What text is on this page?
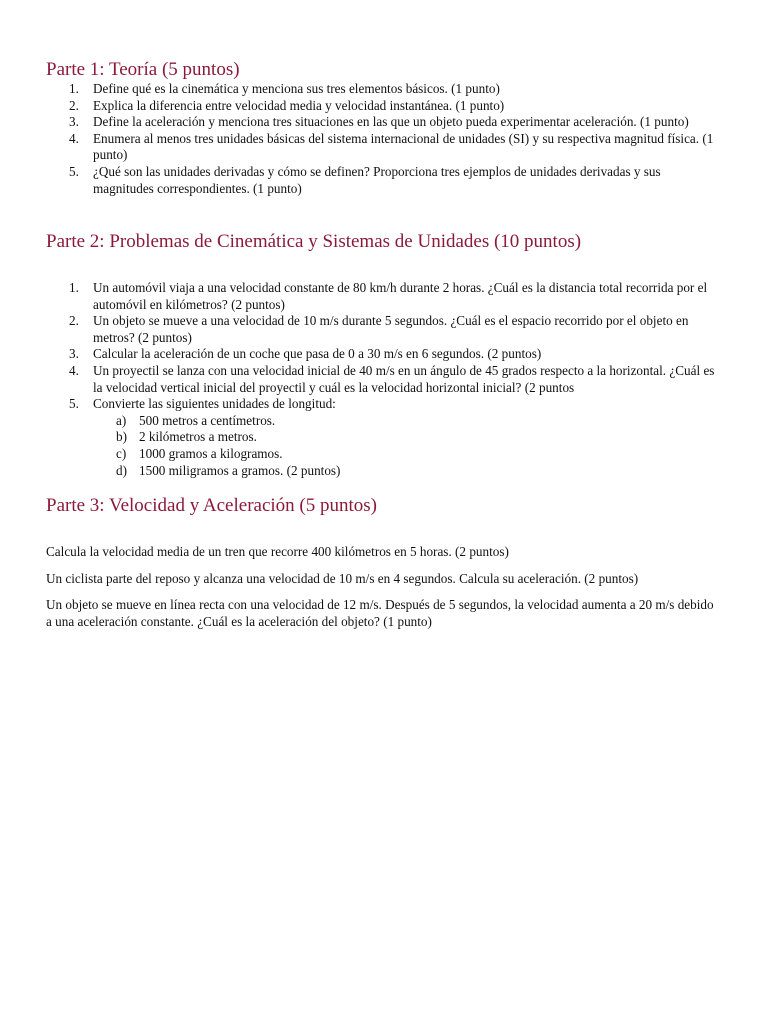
Parte 1: Teoría (5 puntos)
1. Define qué es la cinemática y menciona sus tres elementos básicos. (1 punto)
2. Explica la diferencia entre velocidad media y velocidad instantánea. (1 punto)
3. Define la aceleración y menciona tres situaciones en las que un objeto pueda experimentar aceleración. (1 punto)
4. Enumera al menos tres unidades básicas del sistema internacional de unidades (SI) y su respectiva magnitud física. (1 punto)
5. ¿Qué son las unidades derivadas y cómo se definen? Proporciona tres ejemplos de unidades derivadas y sus magnitudes correspondientes. (1 punto)
Parte 2: Problemas de Cinemática y Sistemas de Unidades (10 puntos)
1. Un automóvil viaja a una velocidad constante de 80 km/h durante 2 horas. ¿Cuál es la distancia total recorrida por el automóvil en kilómetros? (2 puntos)
2. Un objeto se mueve a una velocidad de 10 m/s durante 5 segundos. ¿Cuál es el espacio recorrido por el objeto en metros? (2 puntos)
3. Calcular la aceleración de un coche que pasa de 0 a 30 m/s en 6 segundos. (2 puntos)
4. Un proyectil se lanza con una velocidad inicial de 40 m/s en un ángulo de 45 grados respecto a la horizontal. ¿Cuál es la velocidad vertical inicial del proyectil y cuál es la velocidad horizontal inicial? (2 puntos
5. Convierte las siguientes unidades de longitud:
a) 500 metros a centímetros.
b) 2 kilómetros a metros.
c) 1000 gramos a kilogramos.
d) 1500 miligramos a gramos. (2 puntos)
Parte 3: Velocidad y Aceleración (5 puntos)

Calcula la velocidad media de un tren que recorre 400 kilómetros en 5 horas. (2 puntos)

Un ciclista parte del reposo y alcanza una velocidad de 10 m/s en 4 segundos. Calcula su aceleración. (2 puntos)

Un objeto se mueve en línea recta con una velocidad de 12 m/s. Después de 5 segundos, la velocidad aumenta a 20 m/s debido a una aceleración constante. ¿Cuál es la aceleración del objeto? (1 punto)
